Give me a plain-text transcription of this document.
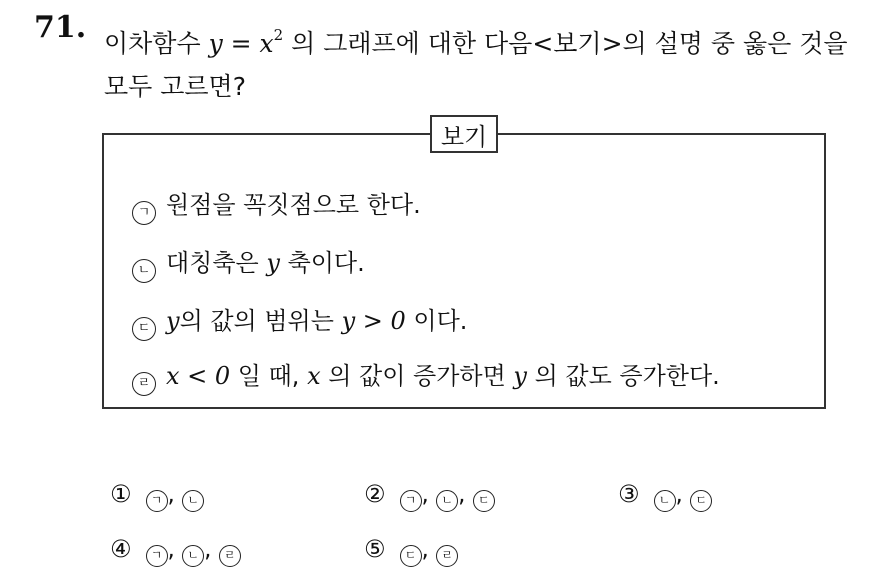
71. 이차함수 $y = x^2$ 의 그래프에 대한 다음<보기>의 설명 중 옳은 것을
모두 고르면?
보기
ㄱ 원점을 꼭짓점으로 한다.
ㄴ 대칭축은 y 축이다.
ㄷ y의 값의 범위는 y > 0 이다.
ㄹ x < 0 일 때, x 의 값이 증가하면 y 의 값도 증가한다.
① ㄱ , ㄴ	② ㄱ , ㄴ , ㄷ	③ ㄴ , ㄷ
④ ㄱ , ㄴ , ㄹ	⑤ ㄷ , ㄹ
